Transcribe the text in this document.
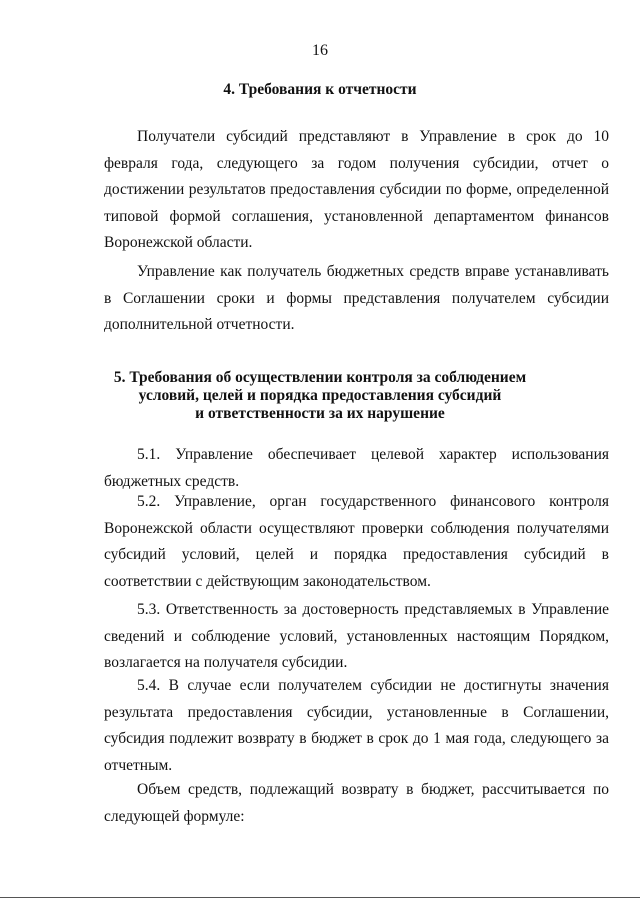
16
4. Требования к отчетности

Получатели субсидий представляют в Управление в срок до 10 февраля года, следующего за годом получения субсидии, отчет о достижении результатов предоставления субсидии по форме, определенной типовой формой соглашения, установленной департаментом финансов Воронежской области.

Управление как получатель бюджетных средств вправе устанавливать в Соглашении сроки и формы представления получателем субсидии дополнительной отчетности.

5. Требования об осуществлении контроля за соблюдением
условий, целей и порядка предоставления субсидий
и ответственности за их нарушение

5.1. Управление обеспечивает целевой характер использования бюджетных средств.

5.2. Управление, орган государственного финансового контроля Воронежской области осуществляют проверки соблюдения получателями субсидий условий, целей и порядка предоставления субсидий в соответствии с действующим законодательством.

5.3. Ответственность за достоверность представляемых в Управление сведений и соблюдение условий, установленных настоящим Порядком, возлагается на получателя субсидии.

5.4. В случае если получателем субсидии не достигнуты значения результата предоставления субсидии, установленные в Соглашении, субсидия подлежит возврату в бюджет в срок до 1 мая года, следующего за отчетным.

Объем средств, подлежащий возврату в бюджет, рассчитывается по следующей формуле:
